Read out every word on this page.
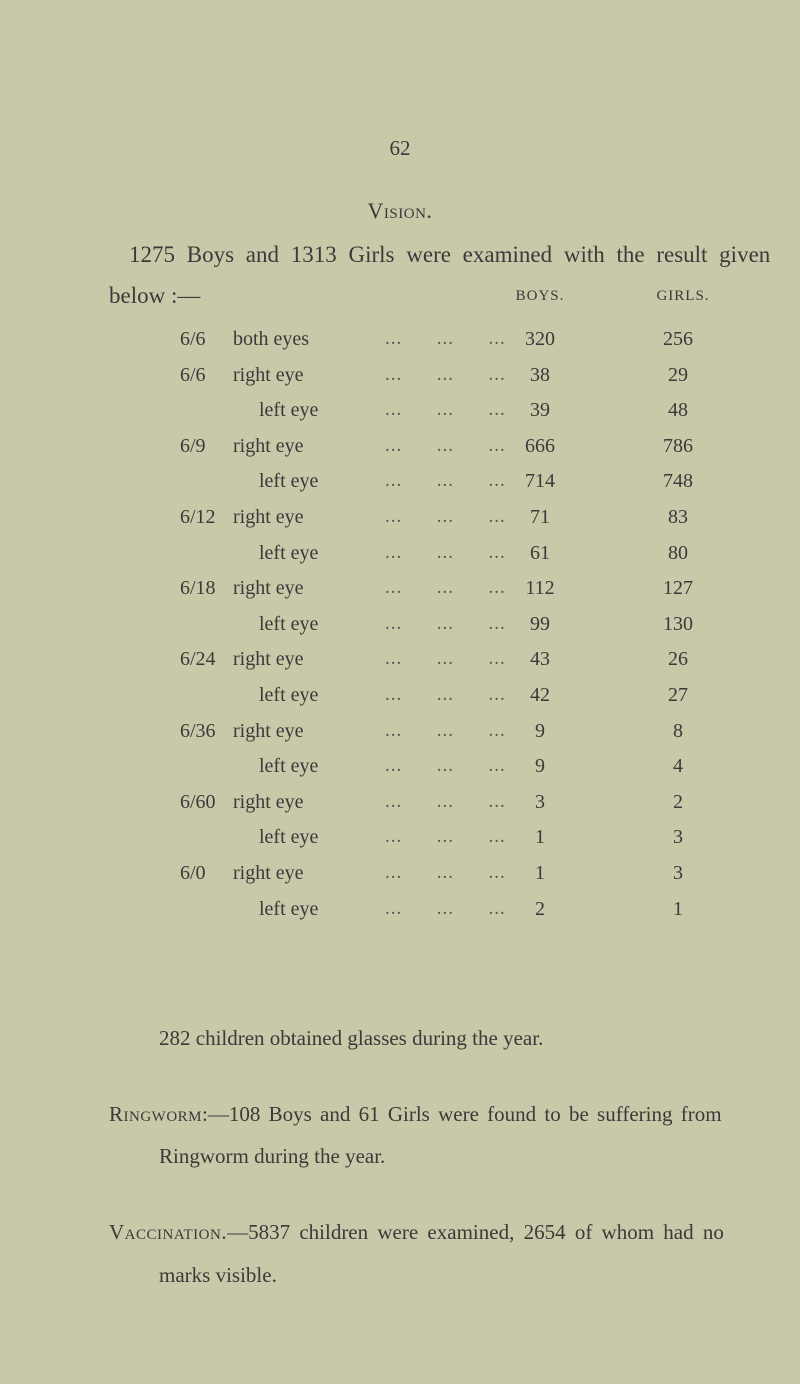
62
Vision.
1275 Boys and 1313 Girls were examined with the result given
below :—	BOYS.	GIRLS.
6/6	both eyes	...      ...      ... 320	256
6/6	right eye	...      ...      ...	38	29
left eye	...      ...      ...	39	48
6/9	right eye	...      ...      ... 666	786
left eye	...      ...      ... 714	748
6/12 right eye	...      ...      ...	71	83
left eye	...      ...      ...	61	80
6/18 right eye	...      ...      ... 112	127
left eye	...      ...      ...	99	130
6/24 right eye	...      ...      ...	43	26
left eye	...      ...      ...	42	27
6/36 right eye	...      ...      ...	9	8
left eye	...      ...      ...	9	4
6/60 right eye	...      ...      ...	3	2
left eye	...      ...      ...	1	3
6/0	right eye	...      ...      ...	1	3
left eye	...      ...      ...	2	1
282 children obtained glasses during the year.
Ringworm:—108 Boys and 61 Girls were found to be suffering from
Ringworm during the year.
Vaccination.—5837 children were examined, 2654 of whom had no
marks visible.
